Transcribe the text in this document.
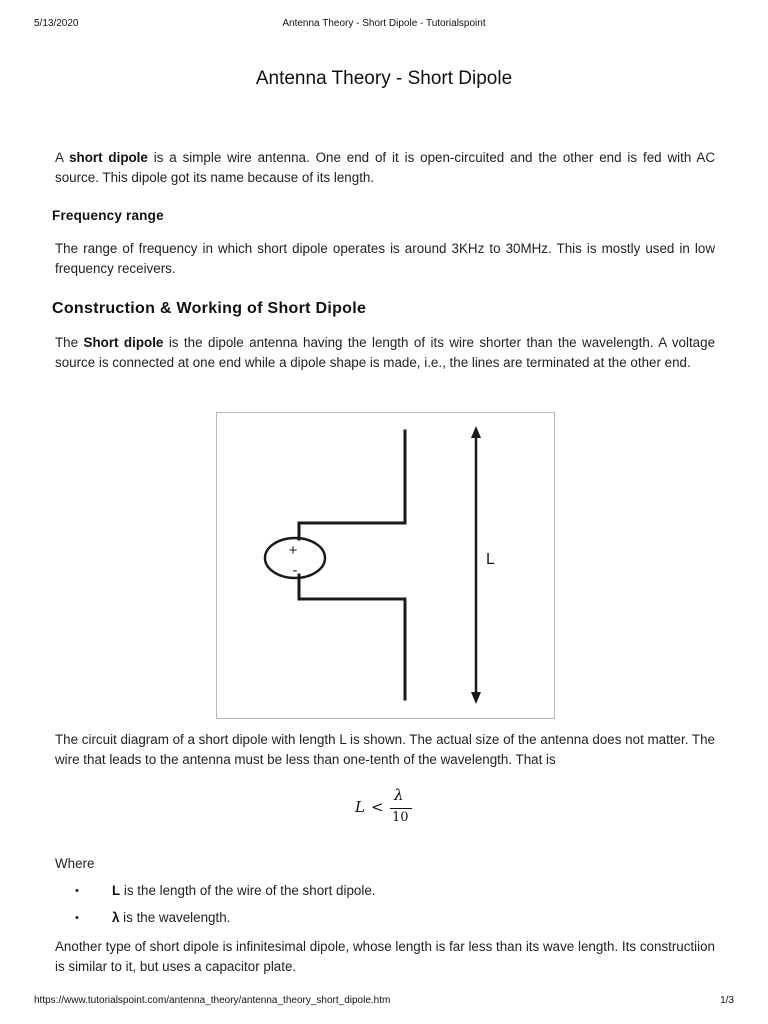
5/13/2020	Antenna Theory - Short Dipole - Tutorialspoint
Antenna Theory - Short Dipole
A short dipole is a simple wire antenna. One end of it is open-circuited and the other end is fed with AC source. This dipole got its name because of its length.
Frequency range
The range of frequency in which short dipole operates is around 3KHz to 30MHz. This is mostly used in low frequency receivers.
Construction & Working of Short Dipole
The Short dipole is the dipole antenna having the length of its wire shorter than the wavelength. A voltage source is connected at one end while a dipole shape is made, i.e., the lines are terminated at the other end.
+
-
L
The circuit diagram of a short dipole with length L is shown. The actual size of the antenna does not matter. The wire that leads to the antenna must be less than one-tenth of the wavelength. That is
L <
λ
10
Where
• L is the length of the wire of the short dipole.
• λ is the wavelength.
Another type of short dipole is infinitesimal dipole, whose length is far less than its wave length. Its constructiion is similar to it, but uses a capacitor plate.
https://www.tutorialspoint.com/antenna_theory/antenna_theory_short_dipole.htm	1/3
